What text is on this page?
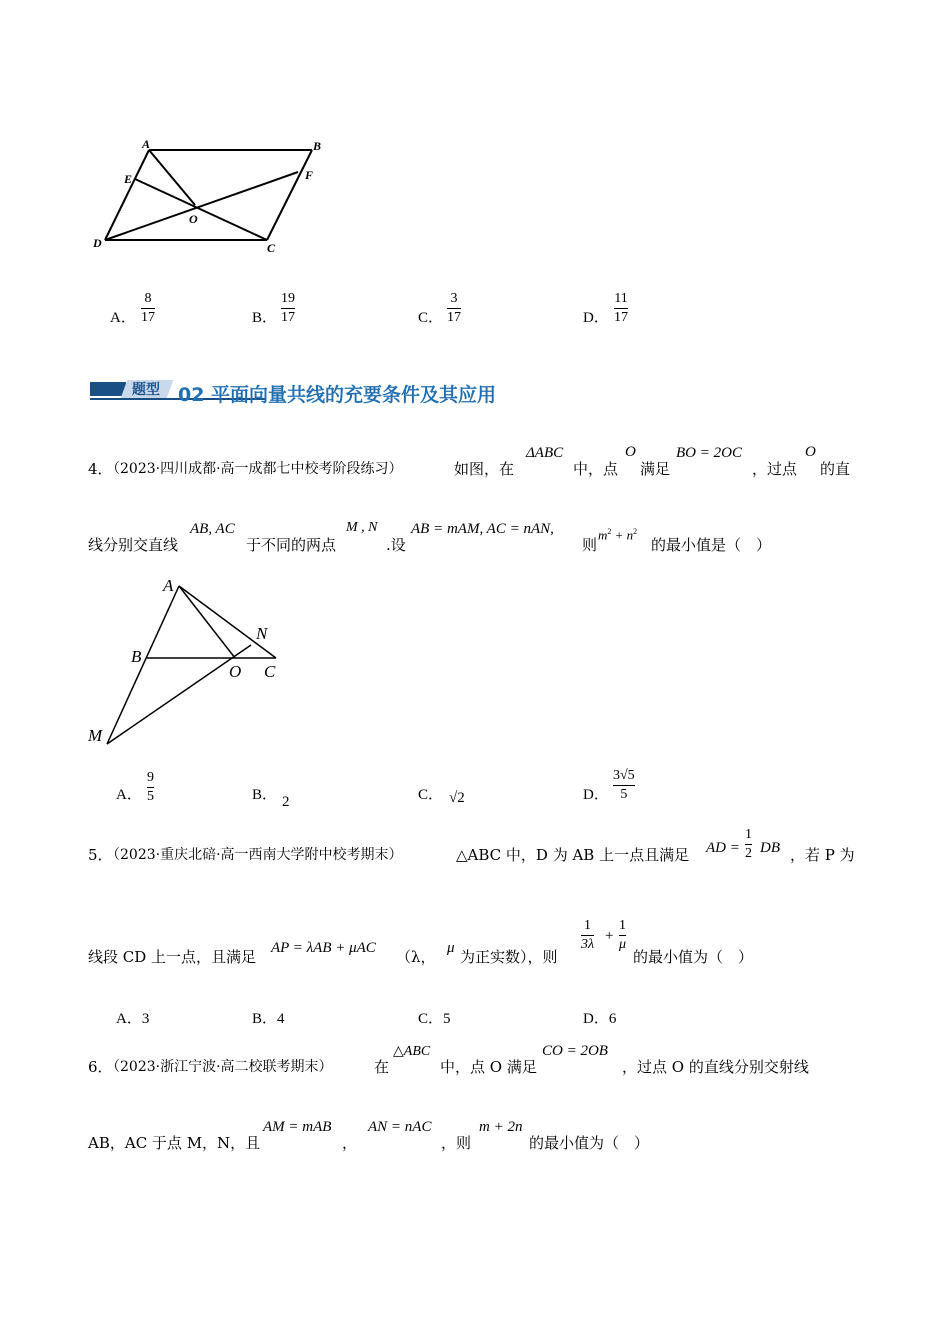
A	B
E	F
O
D	C
A．
8
17	B．
19
17	C．
3
17	D．
11
17
题型 02 平面向量共线的充要条件及其应用
4．
（2023·四川成都·高一成都七中校考阶段练习）	如图，在
ΔABC
中，点
O
满足
BO = 2OC
，过点
O
的直
线分别交直线
AB, AC
于不同的两点
M , N
.设
AB = mAM, AC = nAN,
则
$m^2 + n^2$
的最小值是（　）
A
N
B
O C
M
A．
9
5	B． 2	C． √2	D．
3√5
5
5．
（2023·重庆北碚·高一西南大学附中校考期末）	△ABC 中，D 为 AB 上一点且满足 AD =
1
2 DB ，若 P 为
线段 CD 上一点，且满足 AP = λAB + μAC （λ， μ 为正实数），则
1
3λ
+
1
μ
的最小值为（　）
A．3	B．4	C．5	D．6
6．
（2023·浙江宁波·高二校联考期末）	在
△ABC
中，点 O 满足
CO = 2OB
，过点 O 的直线分别交射线
AB，AC 于点 M，N，且
AM = mAB
，
AN = nAC
，则
m + 2n
的最小值为（　）
